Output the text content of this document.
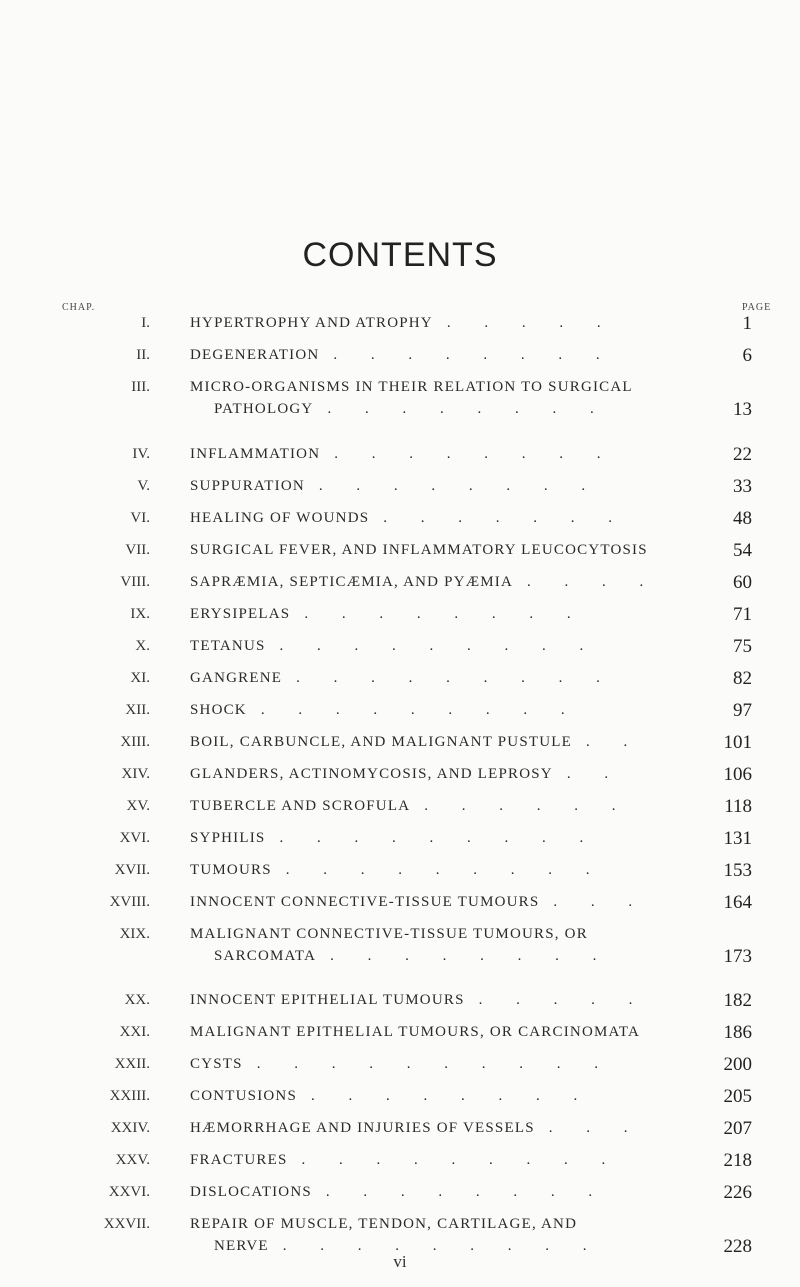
CONTENTS
CHAP.	PAGE
I.	HYPERTROPHY AND ATROPHY . . . . .	1
II.	DEGENERATION . . . . . . . .	6
III.	MICRO-ORGANISMS IN THEIR RELATION TO SURGICAL
PATHOLOGY . . . . . . . .	13
IV.	INFLAMMATION . . . . . . . .	22
V.	SUPPURATION . . . . . . . .	33
VI.	HEALING OF WOUNDS . . . . . . .	48
VII.	SURGICAL FEVER, AND INFLAMMATORY LEUCOCYTOSIS	54
VIII.	SAPRÆMIA, SEPTICÆMIA, AND PYÆMIA . . . .	60
IX.	ERYSIPELAS . . . . . . . .	71
X.	TETANUS . . . . . . . . .	75
XI.	GANGRENE . . . . . . . . .	82
XII.	SHOCK . . . . . . . . .	97
XIII.	BOIL, CARBUNCLE, AND MALIGNANT PUSTULE . .	101
XIV.	GLANDERS, ACTINOMYCOSIS, AND LEPROSY . .	106
XV.	TUBERCLE AND SCROFULA . . . . . .	118
XVI.	SYPHILIS . . . . . . . . .	131
XVII.	TUMOURS . . . . . . . . .	153
XVIII.	INNOCENT CONNECTIVE-TISSUE TUMOURS . . .	164
XIX.	MALIGNANT CONNECTIVE-TISSUE TUMOURS, OR
SARCOMATA . . . . . . . .	173
XX.	INNOCENT EPITHELIAL TUMOURS . . . . .	182
XXI.	MALIGNANT EPITHELIAL TUMOURS, OR CARCINOMATA	186
XXII.	CYSTS . . . . . . . . . .	200
XXIII.	CONTUSIONS . . . . . . . .	205
XXIV.	HÆMORRHAGE AND INJURIES OF VESSELS . . .	207
XXV.	FRACTURES . . . . . . . . .	218
XXVI.	DISLOCATIONS . . . . . . . .	226
XXVII.	REPAIR OF MUSCLE, TENDON, CARTILAGE, AND
NERVE . . . . . . . . .	228
vi
